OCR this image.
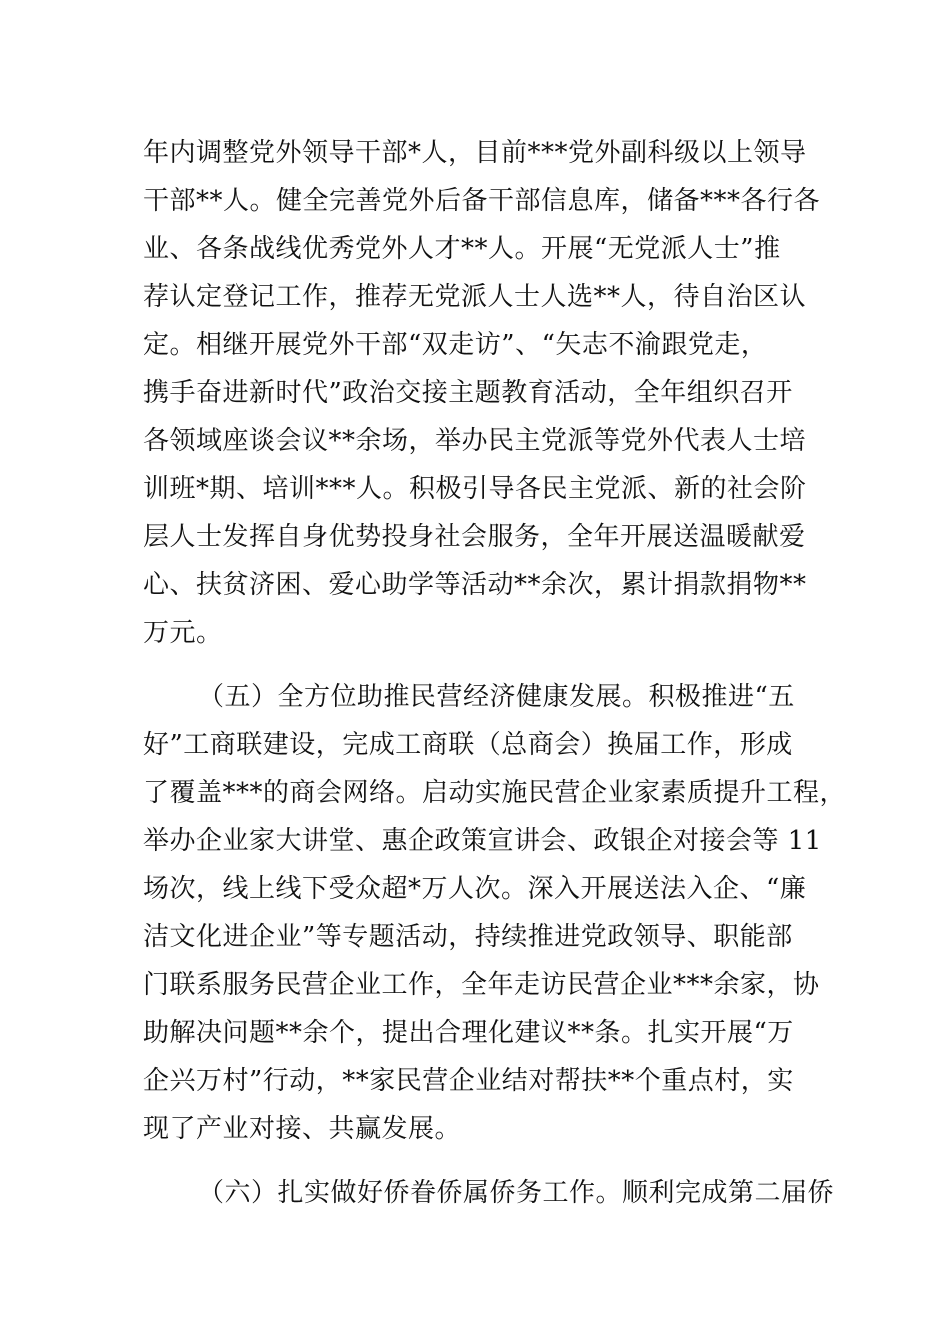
年内调整党外领导干部*人，目前***党外副科级以上领导
干部**人。健全完善党外后备干部信息库，储备***各行各
业、各条战线优秀党外人才**人。开展“无党派人士”推
荐认定登记工作，推荐无党派人士人选**人，待自治区认
定。相继开展党外干部“双走访”、“矢志不渝跟党走，
携手奋进新时代”政治交接主题教育活动，全年组织召开
各领域座谈会议**余场，举办民主党派等党外代表人士培
训班*期、培训***人。积极引导各民主党派、新的社会阶
层人士发挥自身优势投身社会服务，全年开展送温暖献爱
心、扶贫济困、爱心助学等活动**余次，累计捐款捐物**
万元。
（五）全方位助推民营经济健康发展。积极推进“五
好”工商联建设，完成工商联（总商会）换届工作，形成
了覆盖***的商会网络。启动实施民营企业家素质提升工程，
举办企业家大讲堂、惠企政策宣讲会、政银企对接会等 11
场次，线上线下受众超*万人次。深入开展送法入企、“廉
洁文化进企业”等专题活动，持续推进党政领导、职能部
门联系服务民营企业工作，全年走访民营企业***余家，协
助解决问题**余个，提出合理化建议**条。扎实开展“万
企兴万村”行动，**家民营企业结对帮扶**个重点村，实
现了产业对接、共赢发展。
（六）扎实做好侨眷侨属侨务工作。顺利完成第二届侨
